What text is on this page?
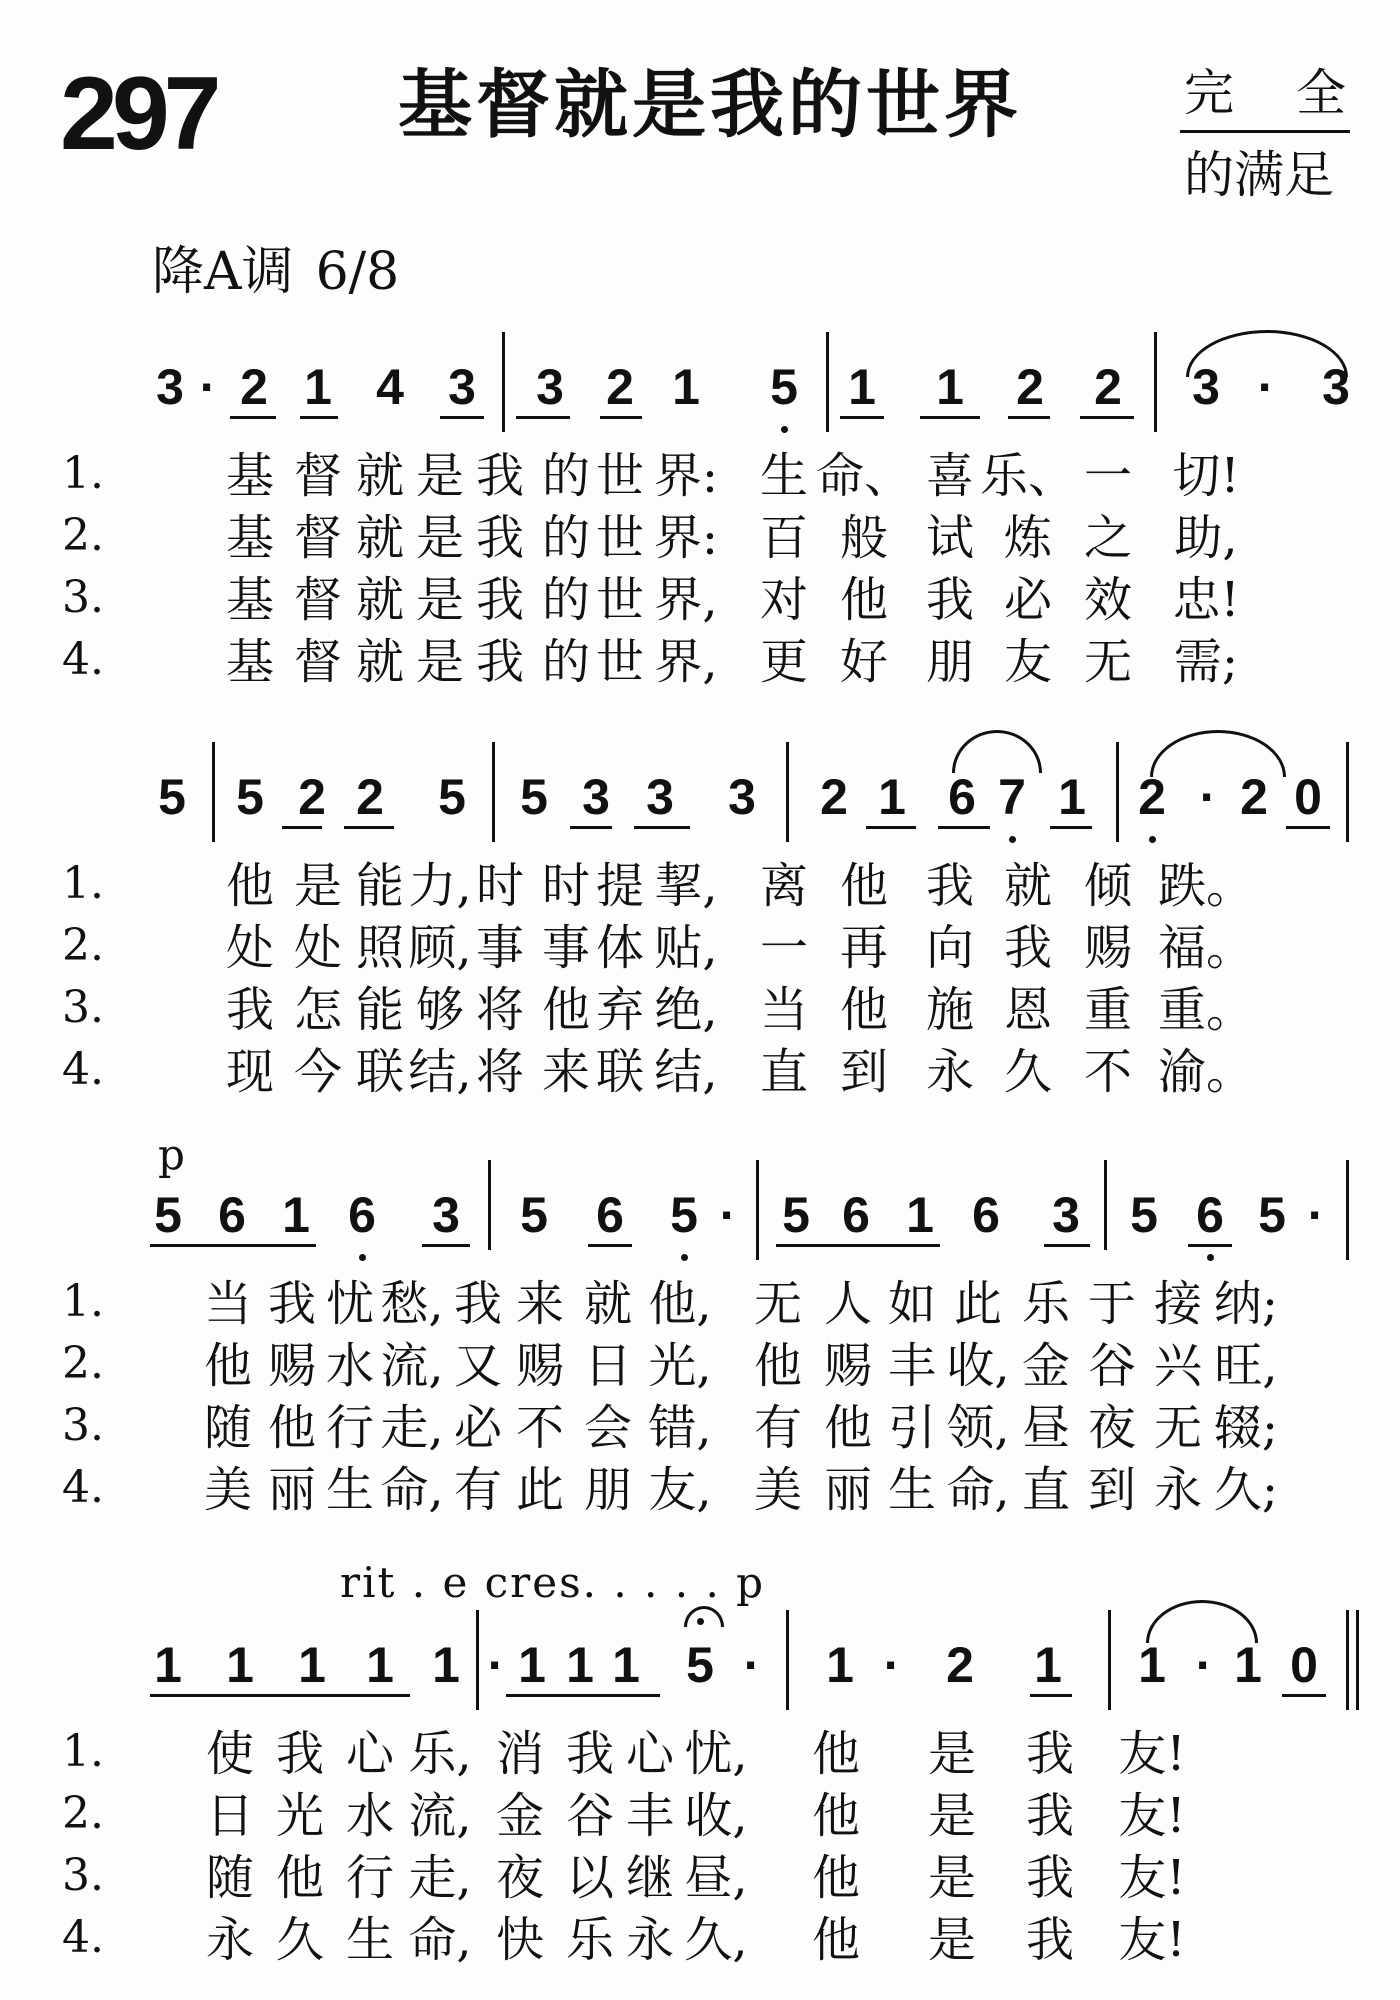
297 基督就是我的世界	完 全
的满足
降A调 6/8
3 · 2 1 4 3 3 2 1 5 1 1 2 2 3 · 3
1.	基 督 就 是 我 的 世 界: 生 命、 喜 乐、 一 切!
2.	基 督 就 是 我 的 世 界: 百 般 试 炼 之 助,
3.	基 督 就 是 我 的 世 界, 对 他 我 必 效 忠!
4.	基 督 就 是 我 的 世 界, 更 好 朋 友 无 需;
5 5 2 2 5 5 3 3 3 2 1 6 7 1 2 · 2 0
1.	他 是 能 力, 时 时 提 挈, 离 他 我 就 倾 跌。
2.	处 处 照 顾, 事 事 体 贴, 一 再 向 我 赐 福。
3.	我 怎 能 够 将 他 弃 绝, 当 他 施 恩 重 重。
4.	现 今 联 结, 将 来 联 结, 直 到 永 久 不 渝。
5 6 1 6 3 5 6 5 · 5 6 1 6 3 5 6 5 ·
p
1. 当 我 忧 愁, 我 来 就 他, 无 人 如 此 乐 于 接 纳;
2. 他 赐 水 流, 又 赐 日 光, 他 赐 丰 收, 金 谷 兴 旺,
3. 随 他 行 走, 必 不 会 错, 有 他 引 领, 昼 夜 无 辍;
4. 美 丽 生 命, 有 此 朋 友, 美 丽 生 命, 直 到 永 久;
1 1 1 1 1 · 1 1 1 5 · 1 · 2 1 1 · 1 0
rit . e cres. . . . . p
1. 使 我 心 乐, 消 我 心 忧, 他 是 我 友!
2. 日 光 水 流, 金 谷 丰 收, 他 是 我 友!
3. 随 他 行 走, 夜 以 继 昼, 他 是 我 友!
4. 永 久 生 命, 快 乐 永 久, 他 是 我 友!
